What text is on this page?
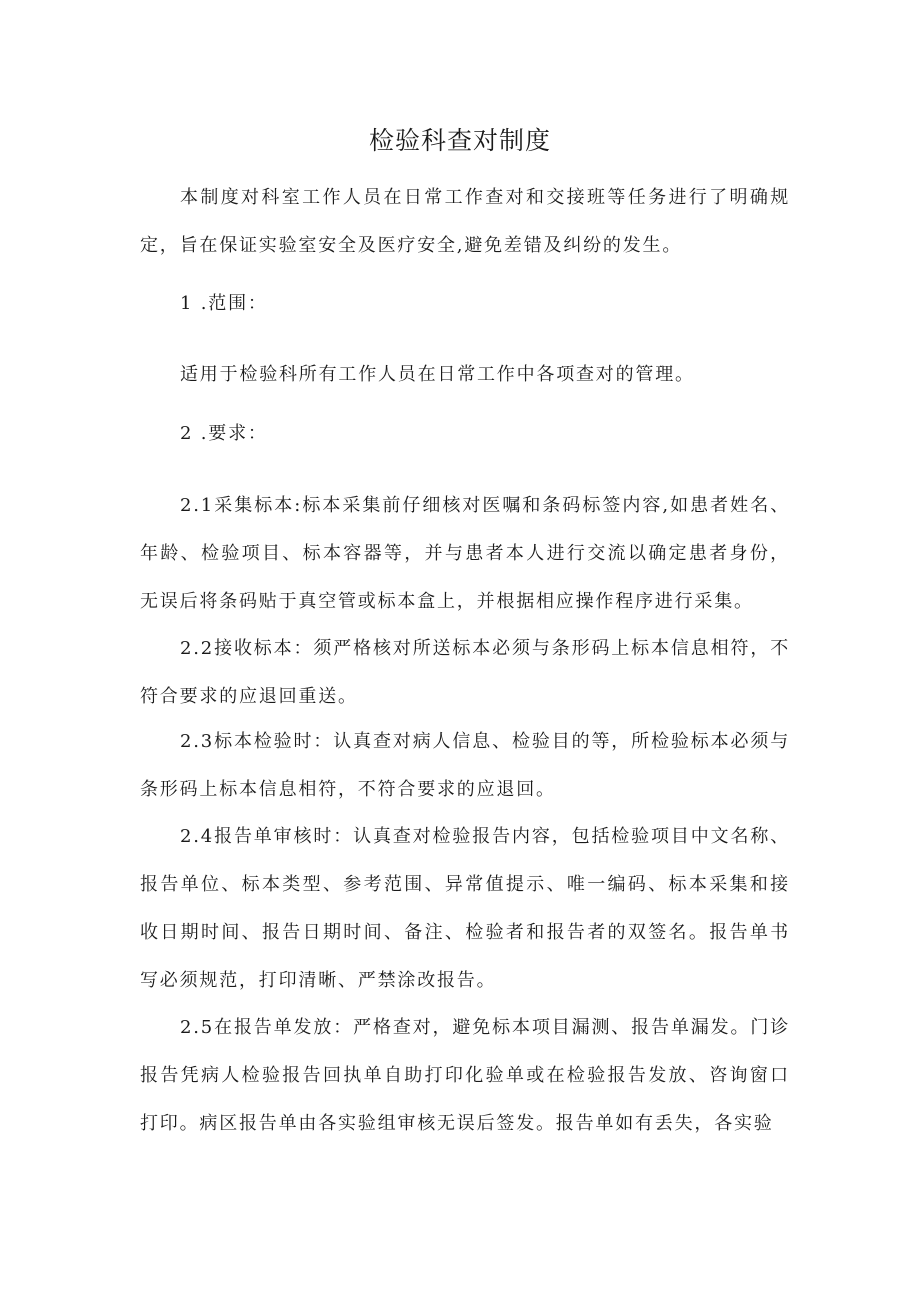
检验科查对制度

本制度对科室工作人员在日常工作查对和交接班等任务进行了明确规定，旨在保证实验室安全及医疗安全,避免差错及纠纷的发生。

1 .范围：

适用于检验科所有工作人员在日常工作中各项查对的管理。

2 .要求：

2.1采集标本:标本采集前仔细核对医嘱和条码标签内容,如患者姓名、年龄、检验项目、标本容器等，并与患者本人进行交流以确定患者身份，无误后将条码贴于真空管或标本盒上，并根据相应操作程序进行采集。

2.2接收标本：须严格核对所送标本必须与条形码上标本信息相符，不符合要求的应退回重送。

2.3标本检验时：认真查对病人信息、检验目的等，所检验标本必须与条形码上标本信息相符，不符合要求的应退回。

2.4报告单审核时：认真查对检验报告内容，包括检验项目中文名称、报告单位、标本类型、参考范围、异常值提示、唯一编码、标本采集和接收日期时间、报告日期时间、备注、检验者和报告者的双签名。报告单书写必须规范，打印清晰、严禁涂改报告。

2.5在报告单发放：严格查对，避免标本项目漏测、报告单漏发。门诊报告凭病人检验报告回执单自助打印化验单或在检验报告发放、咨询窗口打印。病区报告单由各实验组审核无误后签发。报告单如有丢失，各实验
